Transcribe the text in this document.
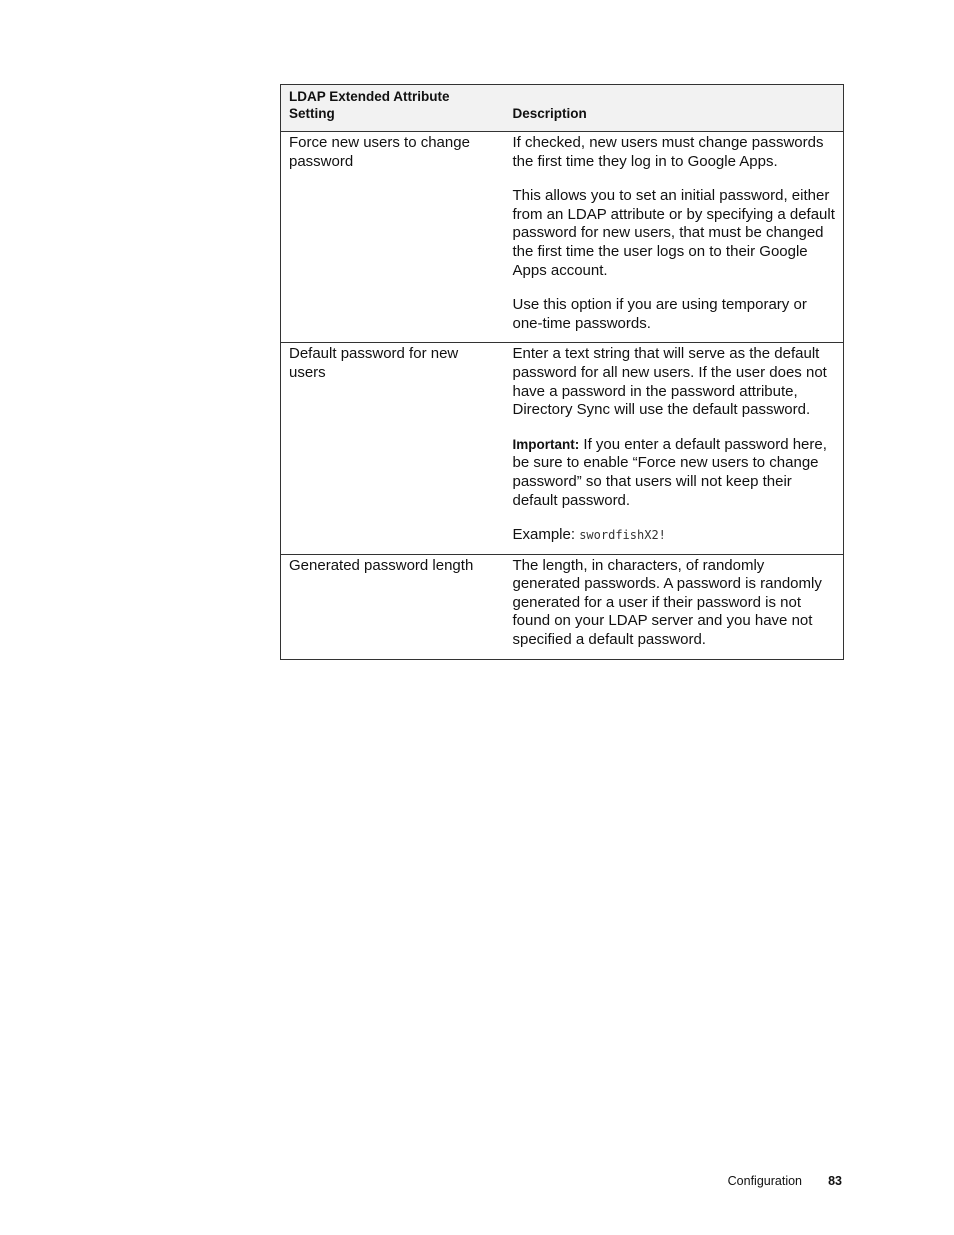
LDAP Extended Attribute Setting	Description
Force new users to change password	If checked, new users must change passwords the first time they log in to Google Apps.

This allows you to set an initial password, either from an LDAP attribute or by specifying a default password for new users, that must be changed the first time the user logs on to their Google Apps account.

Use this option if you are using temporary or one-time passwords.

Default password for new users	Enter a text string that will serve as the default password for all new users. If the user does not have a password in the password attribute, Directory Sync will use the default password.

Important: If you enter a default password here, be sure to enable “Force new users to change password” so that users will not keep their default password.

Example: swordfishX2!

Generated password length	The length, in characters, of randomly generated passwords. A password is randomly generated for a user if their password is not found on your LDAP server and you have not specified a default password.

Configuration 83
